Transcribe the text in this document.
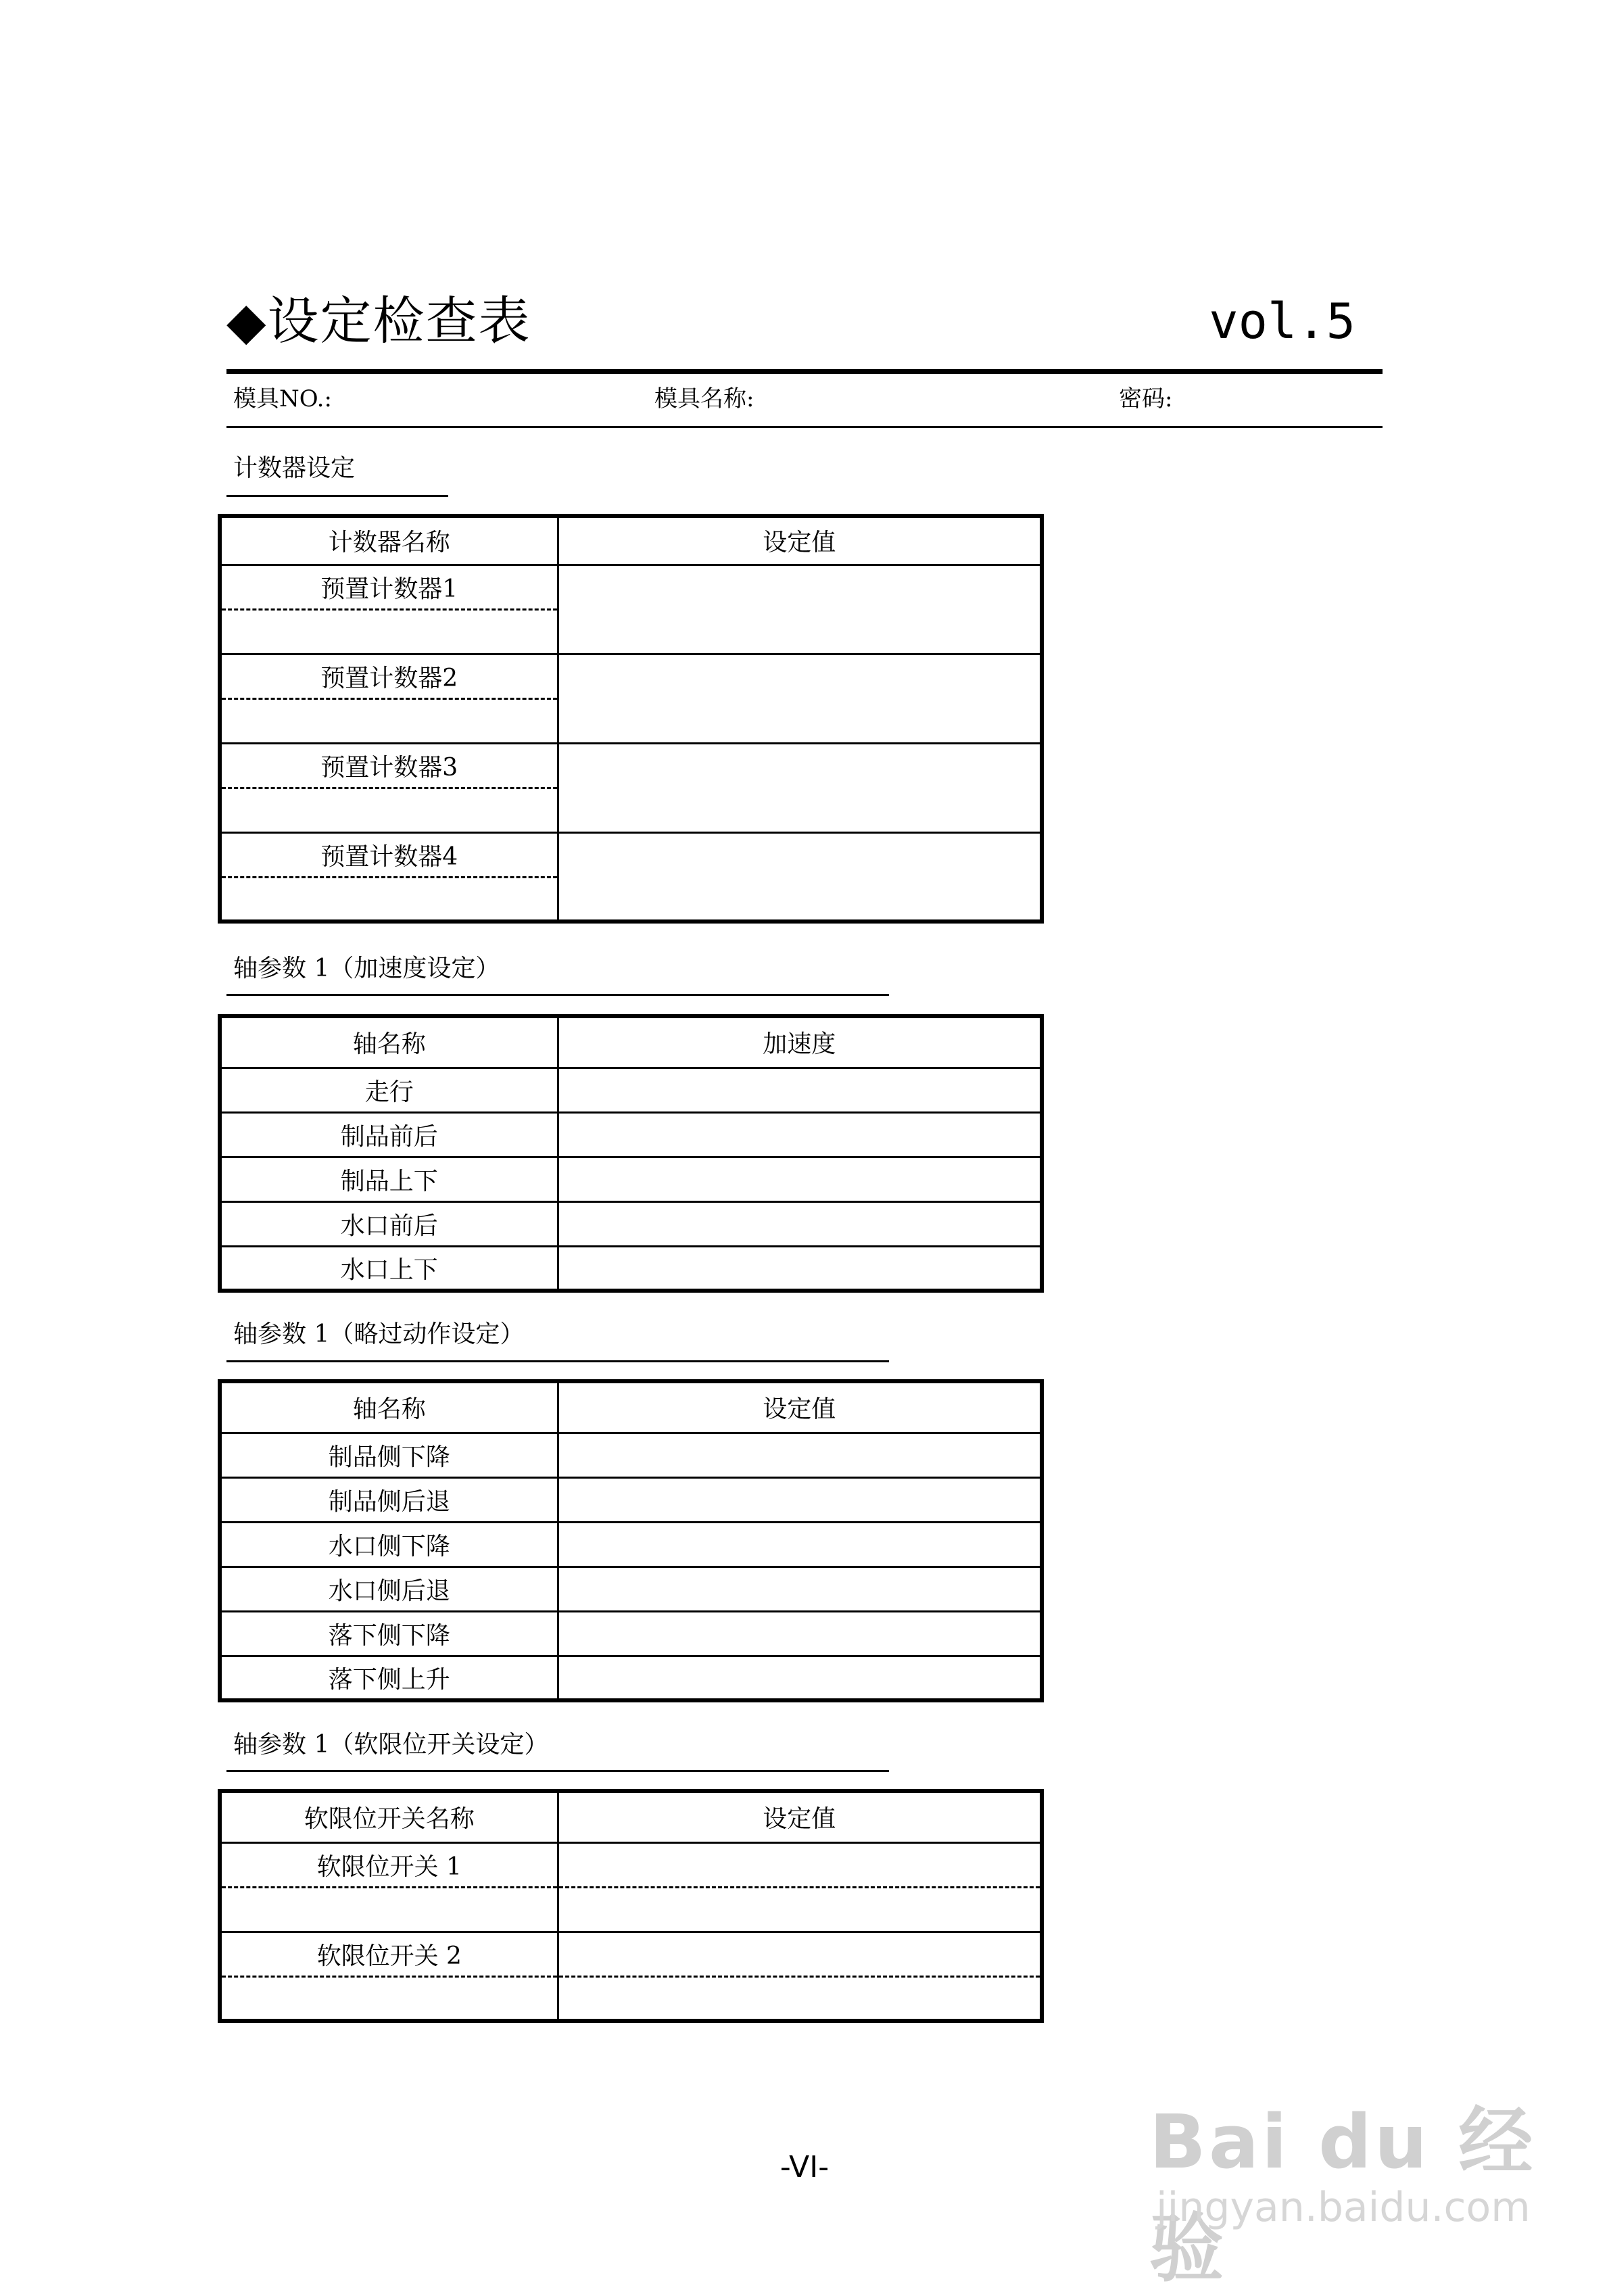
◆设定检查表	vol.5
模具NO.:	模具名称:	密码:
计数器设定
计数器名称	设定值
预置计数器1	

预置计数器2	

预置计数器3	

预置计数器4	

轴参数 1（加速度设定）
轴名称	加速度
走行	
制品前后	
制品上下	
水口前后	
水口上下	
轴参数 1（略过动作设定）
轴名称	设定值
制品侧下降	
制品侧后退	
水口侧下降	
水口侧后退	
落下侧下降	
落下侧上升	
轴参数 1（软限位开关设定）
软限位开关名称	设定值
软限位开关 1	

软限位开关 2	

-VI-	Bai du 经验
jingyan.baidu.com
